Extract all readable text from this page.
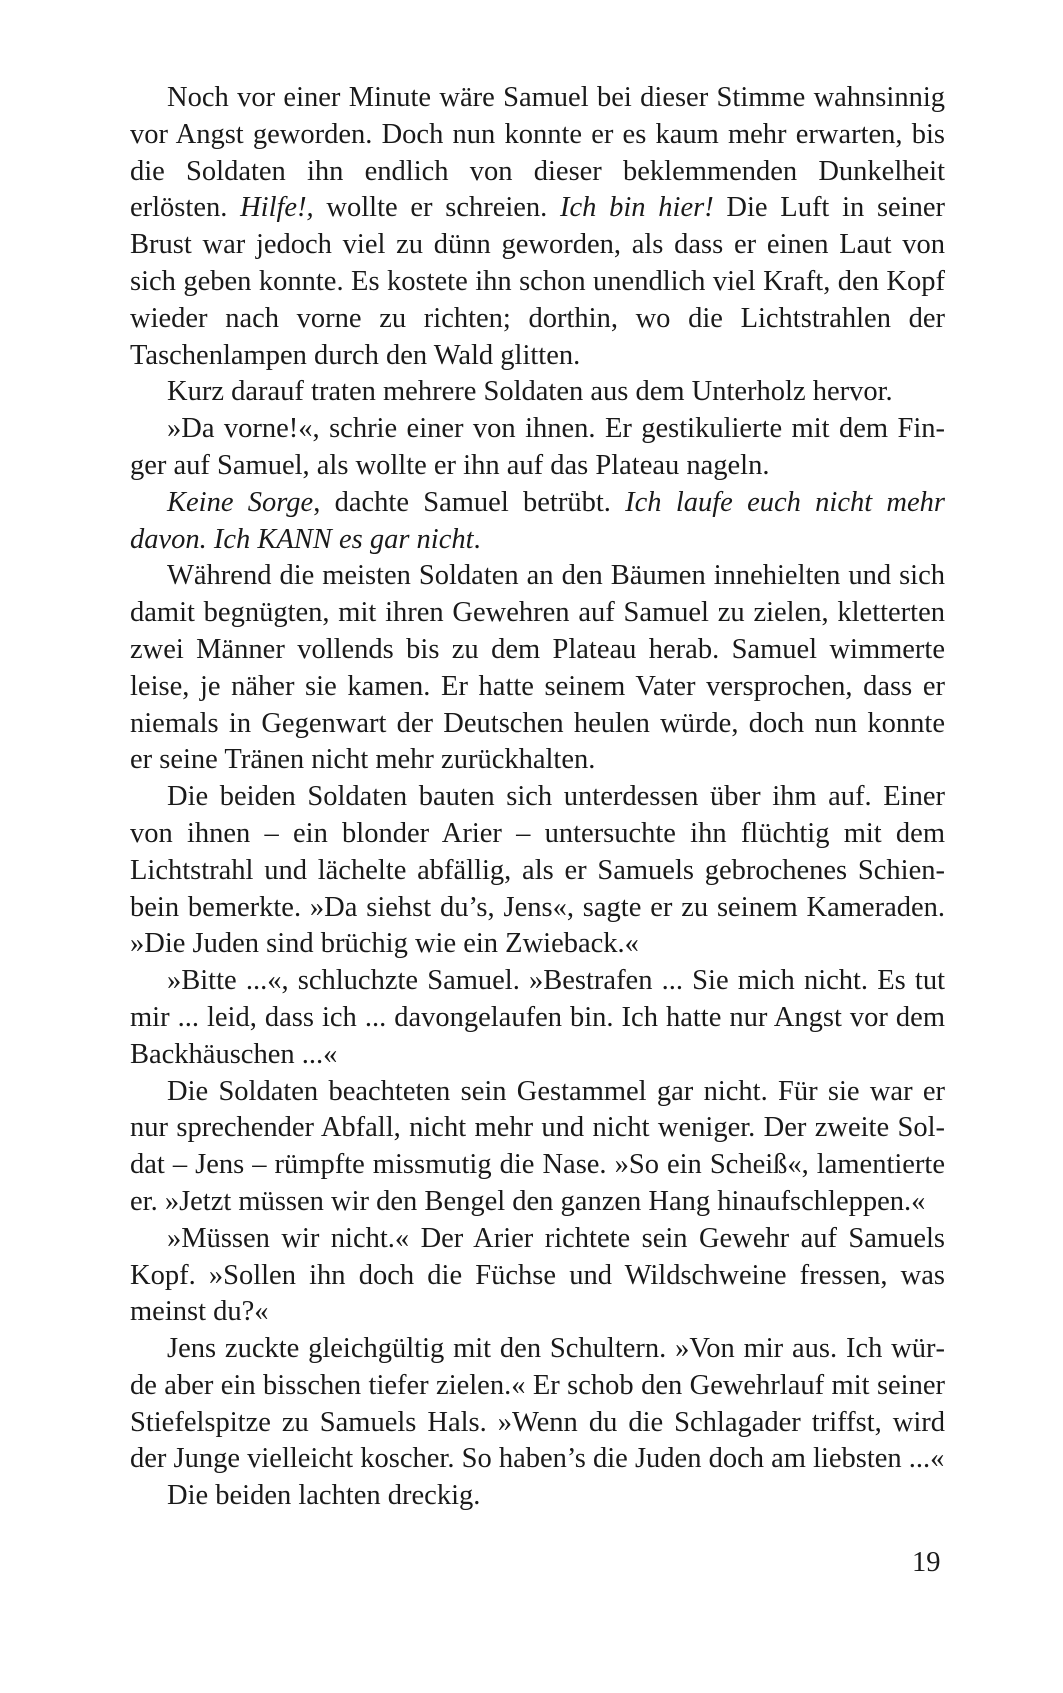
Noch vor einer Minute wäre Samuel bei dieser Stimme wahnsinnig vor Angst geworden. Doch nun konnte er es kaum mehr erwarten, bis die Soldaten ihn endlich von dieser beklemmenden Dunkelheit erlösten. Hilfe!, wollte er schreien. Ich bin hier! Die Luft in seiner Brust war jedoch viel zu dünn geworden, als dass er einen Laut von sich geben konnte. Es kostete ihn schon unendlich viel Kraft, den Kopf wieder nach vorne zu richten; dorthin, wo die Lichtstrahlen der Taschenlampen durch den Wald glitten.

Kurz darauf traten mehrere Soldaten aus dem Unterholz hervor.

»Da vorne!«, schrie einer von ihnen. Er gestikulierte mit dem Finger auf Samuel, als wollte er ihn auf das Plateau nageln.

Keine Sorge, dachte Samuel betrübt. Ich laufe euch nicht mehr davon. Ich KANN es gar nicht.

Während die meisten Soldaten an den Bäumen innehielten und sich damit begnügten, mit ihren Gewehren auf Samuel zu zielen, kletterten zwei Männer vollends bis zu dem Plateau herab. Samuel wimmerte leise, je näher sie kamen. Er hatte seinem Vater versprochen, dass er niemals in Gegenwart der Deutschen heulen würde, doch nun konnte er seine Tränen nicht mehr zurückhalten.

Die beiden Soldaten bauten sich unterdessen über ihm auf. Einer von ihnen – ein blonder Arier – untersuchte ihn flüchtig mit dem Lichtstrahl und lächelte abfällig, als er Samuels gebrochenes Schienbein bemerkte. »Da siehst du’s, Jens«, sagte er zu seinem Kameraden. »Die Juden sind brüchig wie ein Zwieback.«

»Bitte ...«, schluchzte Samuel. »Bestrafen ... Sie mich nicht. Es tut mir ... leid, dass ich ... davongelaufen bin. Ich hatte nur Angst vor dem Backhäuschen ...«

Die Soldaten beachteten sein Gestammel gar nicht. Für sie war er nur sprechender Abfall, nicht mehr und nicht weniger. Der zweite Soldat – Jens – rümpfte missmutig die Nase. »So ein Scheiß«, lamentierte er. »Jetzt müssen wir den Bengel den ganzen Hang hinaufschleppen.«

»Müssen wir nicht.« Der Arier richtete sein Gewehr auf Samuels Kopf. »Sollen ihn doch die Füchse und Wildschweine fressen, was meinst du?«

Jens zuckte gleichgültig mit den Schultern. »Von mir aus. Ich würde aber ein bisschen tiefer zielen.« Er schob den Gewehrlauf mit seiner Stiefelspitze zu Samuels Hals. »Wenn du die Schlagader triffst, wird der Junge vielleicht koscher. So haben’s die Juden doch am liebsten ...«

Die beiden lachten dreckig.

19
